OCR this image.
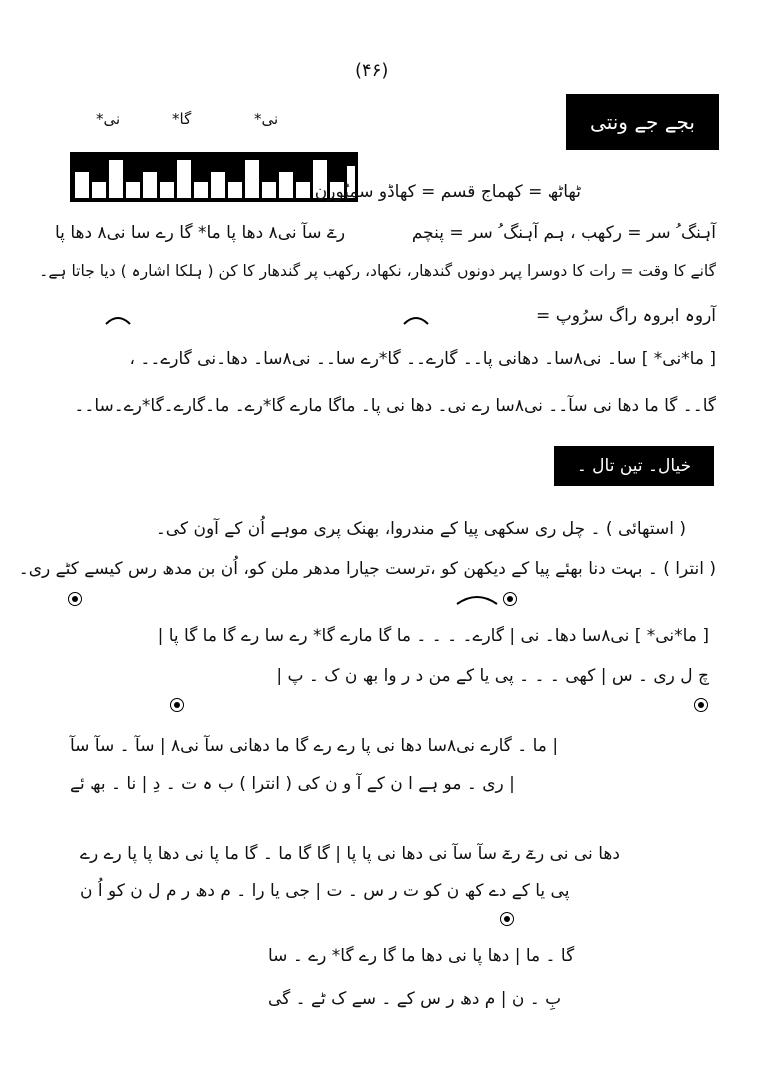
(۴۶)
بجے جے ونتی
نی*	گا*	نی*
ٹھاٹھ = کھماج قسم = کھاڈو سمپُورن
آہنگ ُ سر = رکھب ، ہم آہنگ ُ سر = پنچم
رےٓ سآ نی۸ دھا پا ما* گا رے سا نی۸ دھا پا
گانے کا وقت = رات کا دوسرا پہر دونوں گندھار، نکھاد، رکھب پر گندھار کا کن ( ہلکا اشارہ ) دیا جاتا ہے۔
آروہ ابروہ راگ سرُوپ =
[ ما*نی* ] سا۔ نی۸سا۔ دھانی پا۔۔ گارے۔۔ گا*رے سا۔۔ نی۸سا۔ دھا۔نی گارے۔۔ ،
گا۔۔ گا ما دھا نی سآ۔۔ نی۸سا رے نی۔ دھا نی پا۔ ماگا مارے گا*رے۔ ما۔گارے۔گا*رے۔سا۔۔
خیال۔ تین تال ۔
( استھائی ) ۔ چل ری سکھی پیا کے مندروا، بھنک پری موہے اُن کے آون کی۔
( انترا ) ۔ بہت دنا بھئے پیا کے دیکھن کو ،ترست جیارا مدھر ملن کو، اُن بن مدھ رس کیسے کٹے ری۔
[ ما*نی* ] نی۸سا دھا۔ نی | گارے۔ ۔ ۔ ۔ ما گا مارے گا* رے سا رے گا ما گا پا |
چ ل ری ۔ س | کھی ۔ ۔ ۔ پی یا کے من د ر وا بھ ن ک ۔ پ |
| ما ۔ گارے نی۸سا دھا نی پا رے رے گا ما دھانی سآ نی۸ | سآ ۔ سآ سآ
| ری ۔ مو ہے ا ن کے آ و ن کی ( انترا ) ب ہ ت ۔ دِ | نا ۔ بھ ئے
دھا نی نی رےٓ رےٓ سآ سآ نی دھا نی پا پا | گا گا ما ۔ گا ما پا نی دھا پا پا رے رے
پی یا کے دے کھ ن کو ت ر س ۔ ت | جی یا را ۔ م دھ ر م ل ن کو اُ ن
گا ۔ ما | دھا پا نی دھا ما گا رے گا* رے ۔ سا
بِ ۔ ن | م دھ ر س کے ۔ سے ک ٹے ۔ گی
